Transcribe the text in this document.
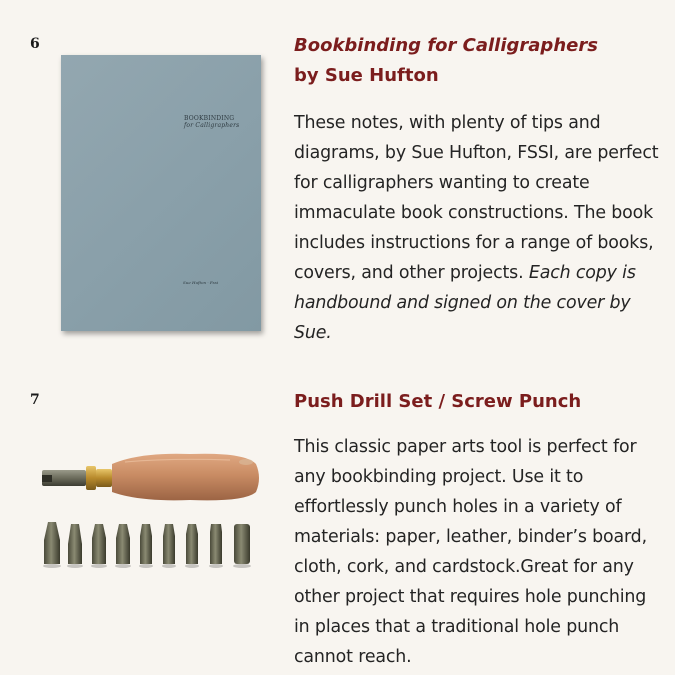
6
BOOKBINDING
for Calligraphers
Sue Hufton · Fssi
Bookbinding for Calligraphers
by Sue Hufton

These notes, with plenty of tips and diagrams, by Sue Hufton, FSSI, are perfect for calligraphers wanting to create immaculate book constructions. The book includes instructions for a range of books, covers, and other projects. Each copy is handbound and signed on the cover by Sue.

7	Push Drill Set / Screw Punch

This classic paper arts tool is perfect for any bookbinding project. Use it to effortlessly punch holes in a variety of materials: paper, leather, binder’s board, cloth, cork, and cardstock.Great for any other project that requires hole punching in places that a traditional hole punch cannot reach.
